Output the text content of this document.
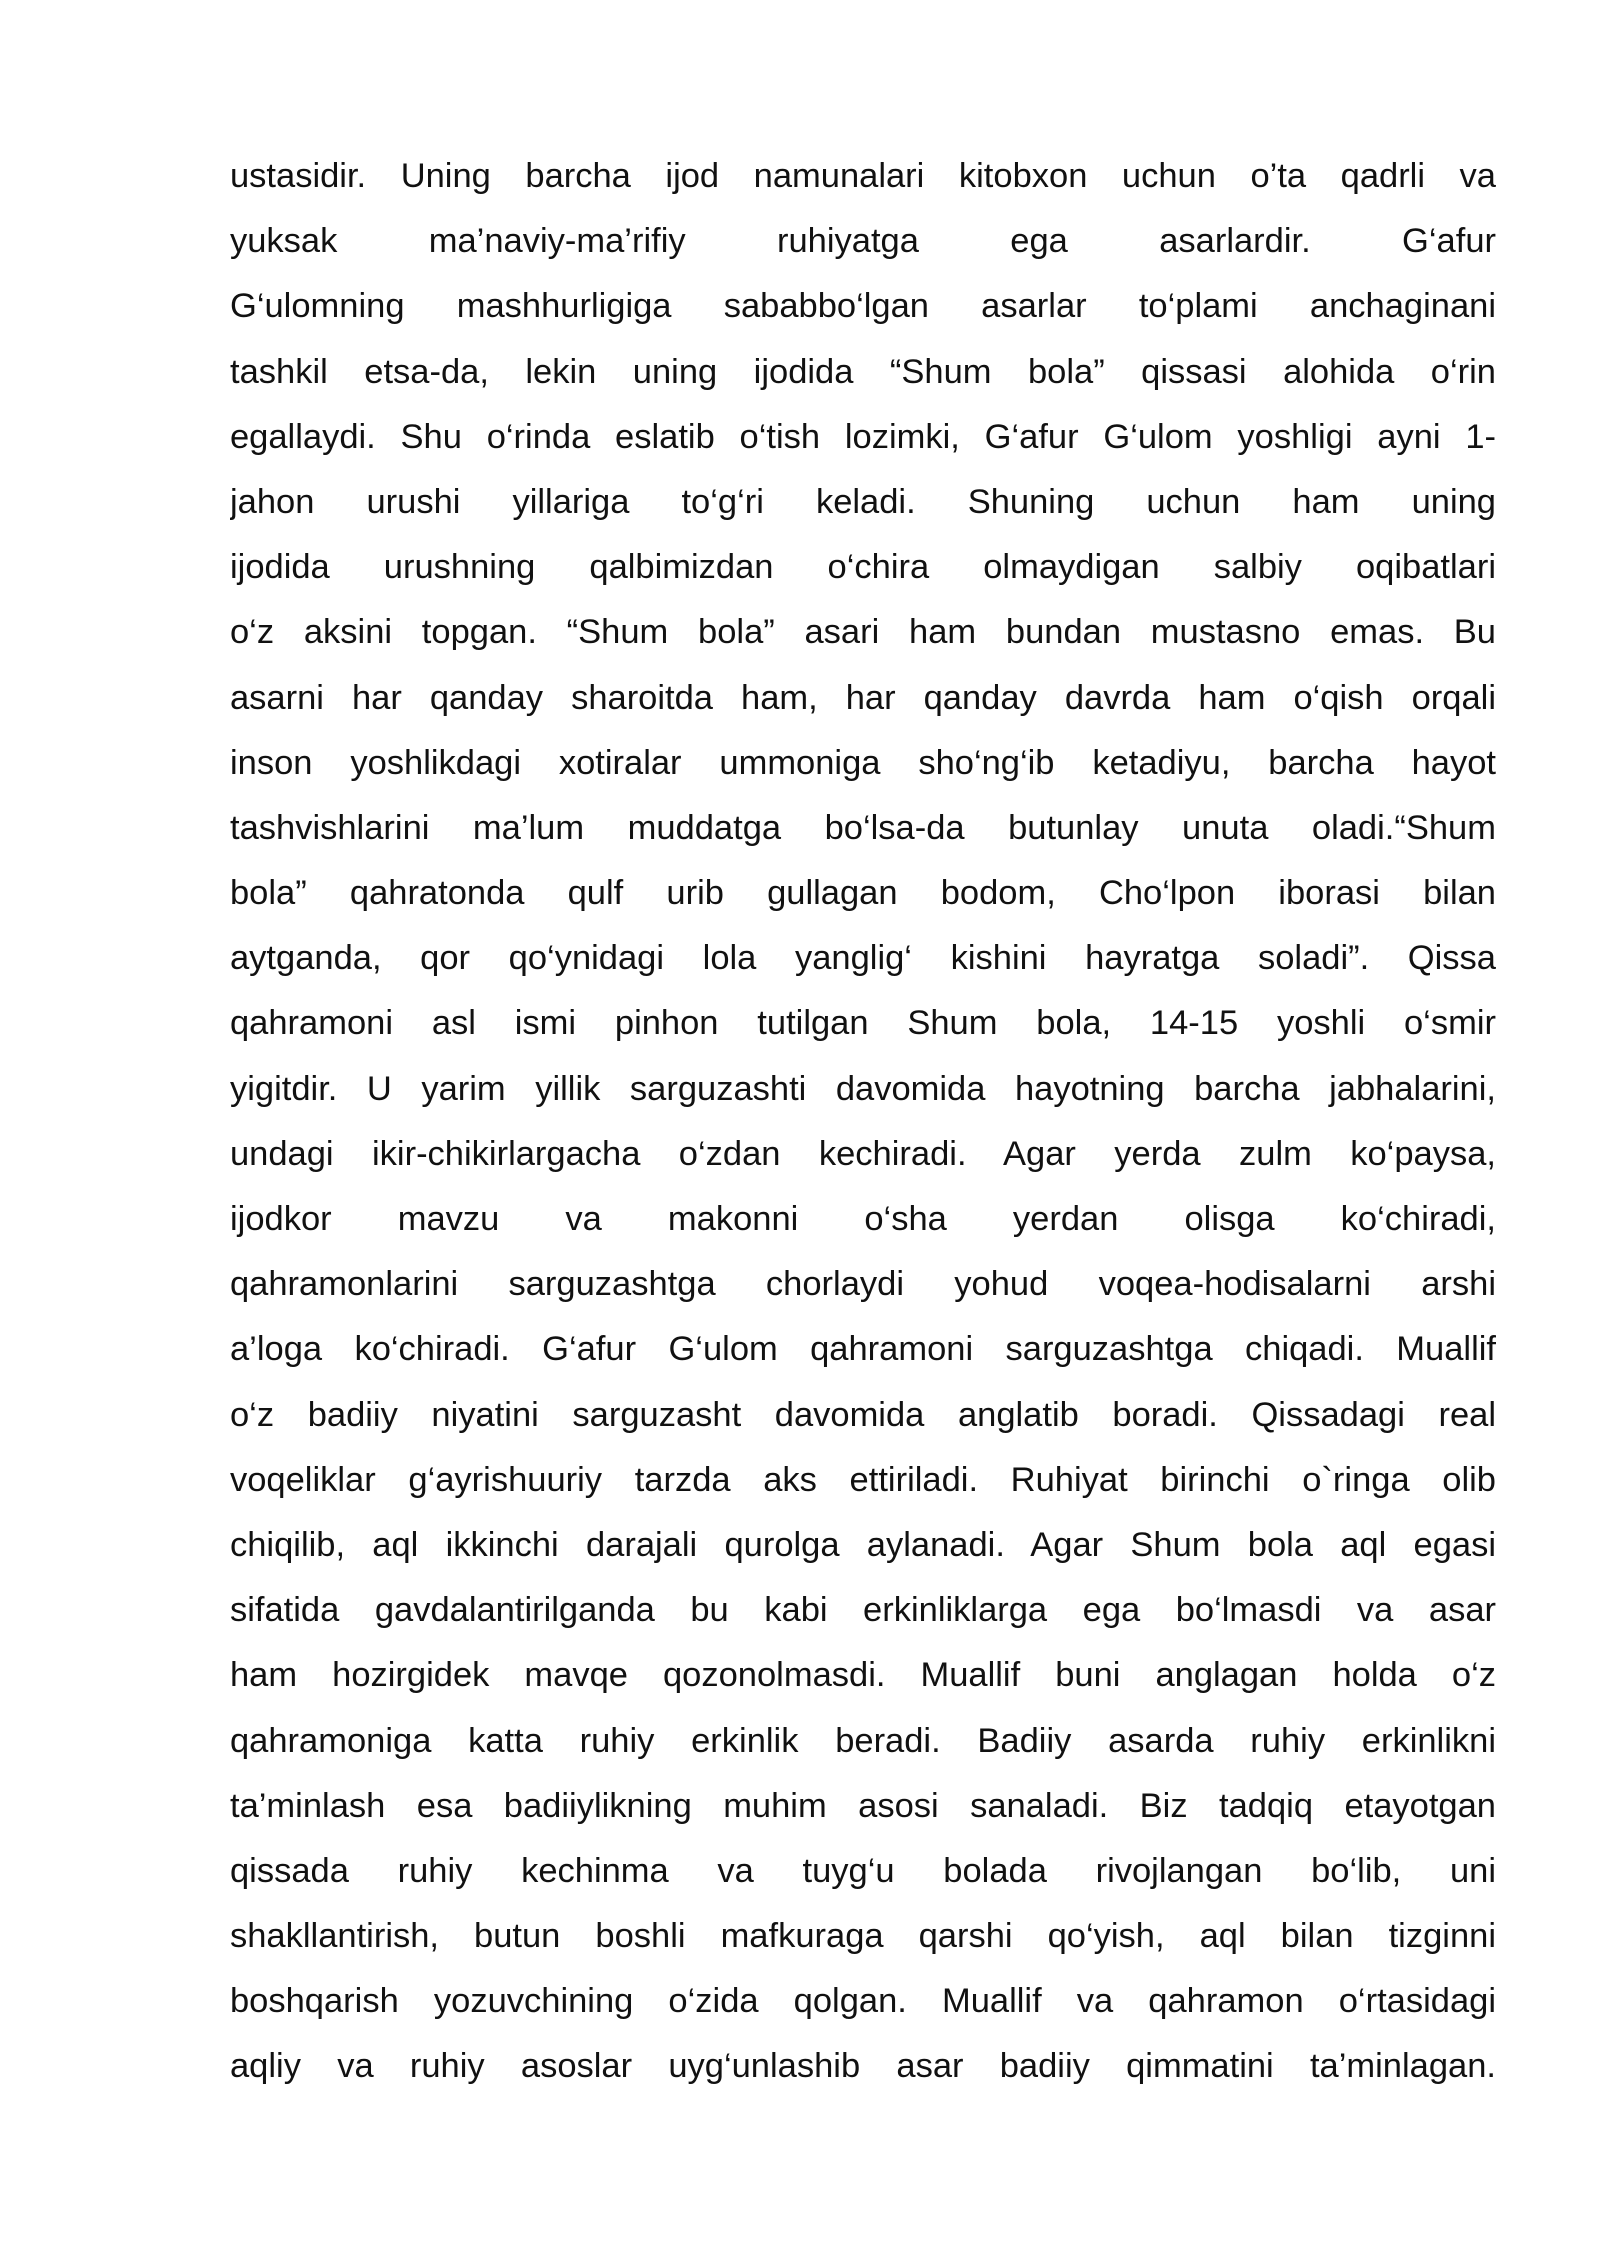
ustasidir. Uning barcha ijod namunalari kitobxon uchun o’ta qadrli va
yuksak ma’naviy-ma’rifiy ruhiyatga ega asarlardir. G‘afur
G‘ulomning mashhurligiga sababbo‘lgan asarlar to‘plami anchaginani
tashkil etsa-da, lekin uning ijodida “Shum bola” qissasi alohida o‘rin
egallaydi. Shu o‘rinda eslatib o‘tish lozimki, G‘afur G‘ulom yoshligi ayni 1-
jahon urushi yillariga to‘g‘ri keladi. Shuning uchun ham uning
ijodida urushning qalbimizdan o‘chira olmaydigan salbiy oqibatlari
o‘z aksini topgan. “Shum bola” asari ham bundan mustasno emas. Bu
asarni har qanday sharoitda ham, har qanday davrda ham o‘qish orqali
inson yoshlikdagi xotiralar ummoniga sho‘ng‘ib ketadiyu, barcha hayot
tashvishlarini ma’lum muddatga bo‘lsa-da butunlay unuta oladi.“Shum
bola” qahratonda qulf urib gullagan bodom, Cho‘lpon iborasi bilan
aytganda, qor qo‘ynidagi lola yanglig‘ kishini hayratga soladi”. Qissa
qahramoni asl ismi pinhon tutilgan Shum bola, 14-15 yoshli o‘smir
yigitdir. U yarim yillik sarguzashti davomida hayotning barcha jabhalarini,
undagi ikir-chikirlargacha o‘zdan kechiradi. Agar yerda zulm ko‘paysa,
ijodkor mavzu va makonni o‘sha yerdan olisga ko‘chiradi,
qahramonlarini sarguzashtga chorlaydi yohud voqea-hodisalarni arshi
a’loga ko‘chiradi. G‘afur G‘ulom qahramoni sarguzashtga chiqadi. Muallif
o‘z badiiy niyatini sarguzasht davomida anglatib boradi. Qissadagi real
voqeliklar g‘ayrishuuriy tarzda aks ettiriladi. Ruhiyat birinchi o`ringa olib
chiqilib, aql ikkinchi darajali qurolga aylanadi. Agar Shum bola aql egasi
sifatida gavdalantirilganda bu kabi erkinliklarga ega bo‘lmasdi va asar
ham hozirgidek mavqe qozonolmasdi. Muallif buni anglagan holda o‘z
qahramoniga katta ruhiy erkinlik beradi. Badiiy asarda ruhiy erkinlikni
ta’minlash esa badiiylikning muhim asosi sanaladi. Biz tadqiq etayotgan
qissada ruhiy kechinma va tuyg‘u bolada rivojlangan bo‘lib, uni
shakllantirish, butun boshli mafkuraga qarshi qo‘yish, aql bilan tizginni
boshqarish yozuvchining o‘zida qolgan. Muallif va qahramon o‘rtasidagi
aqliy va ruhiy asoslar uyg‘unlashib asar badiiy qimmatini ta’minlagan.
